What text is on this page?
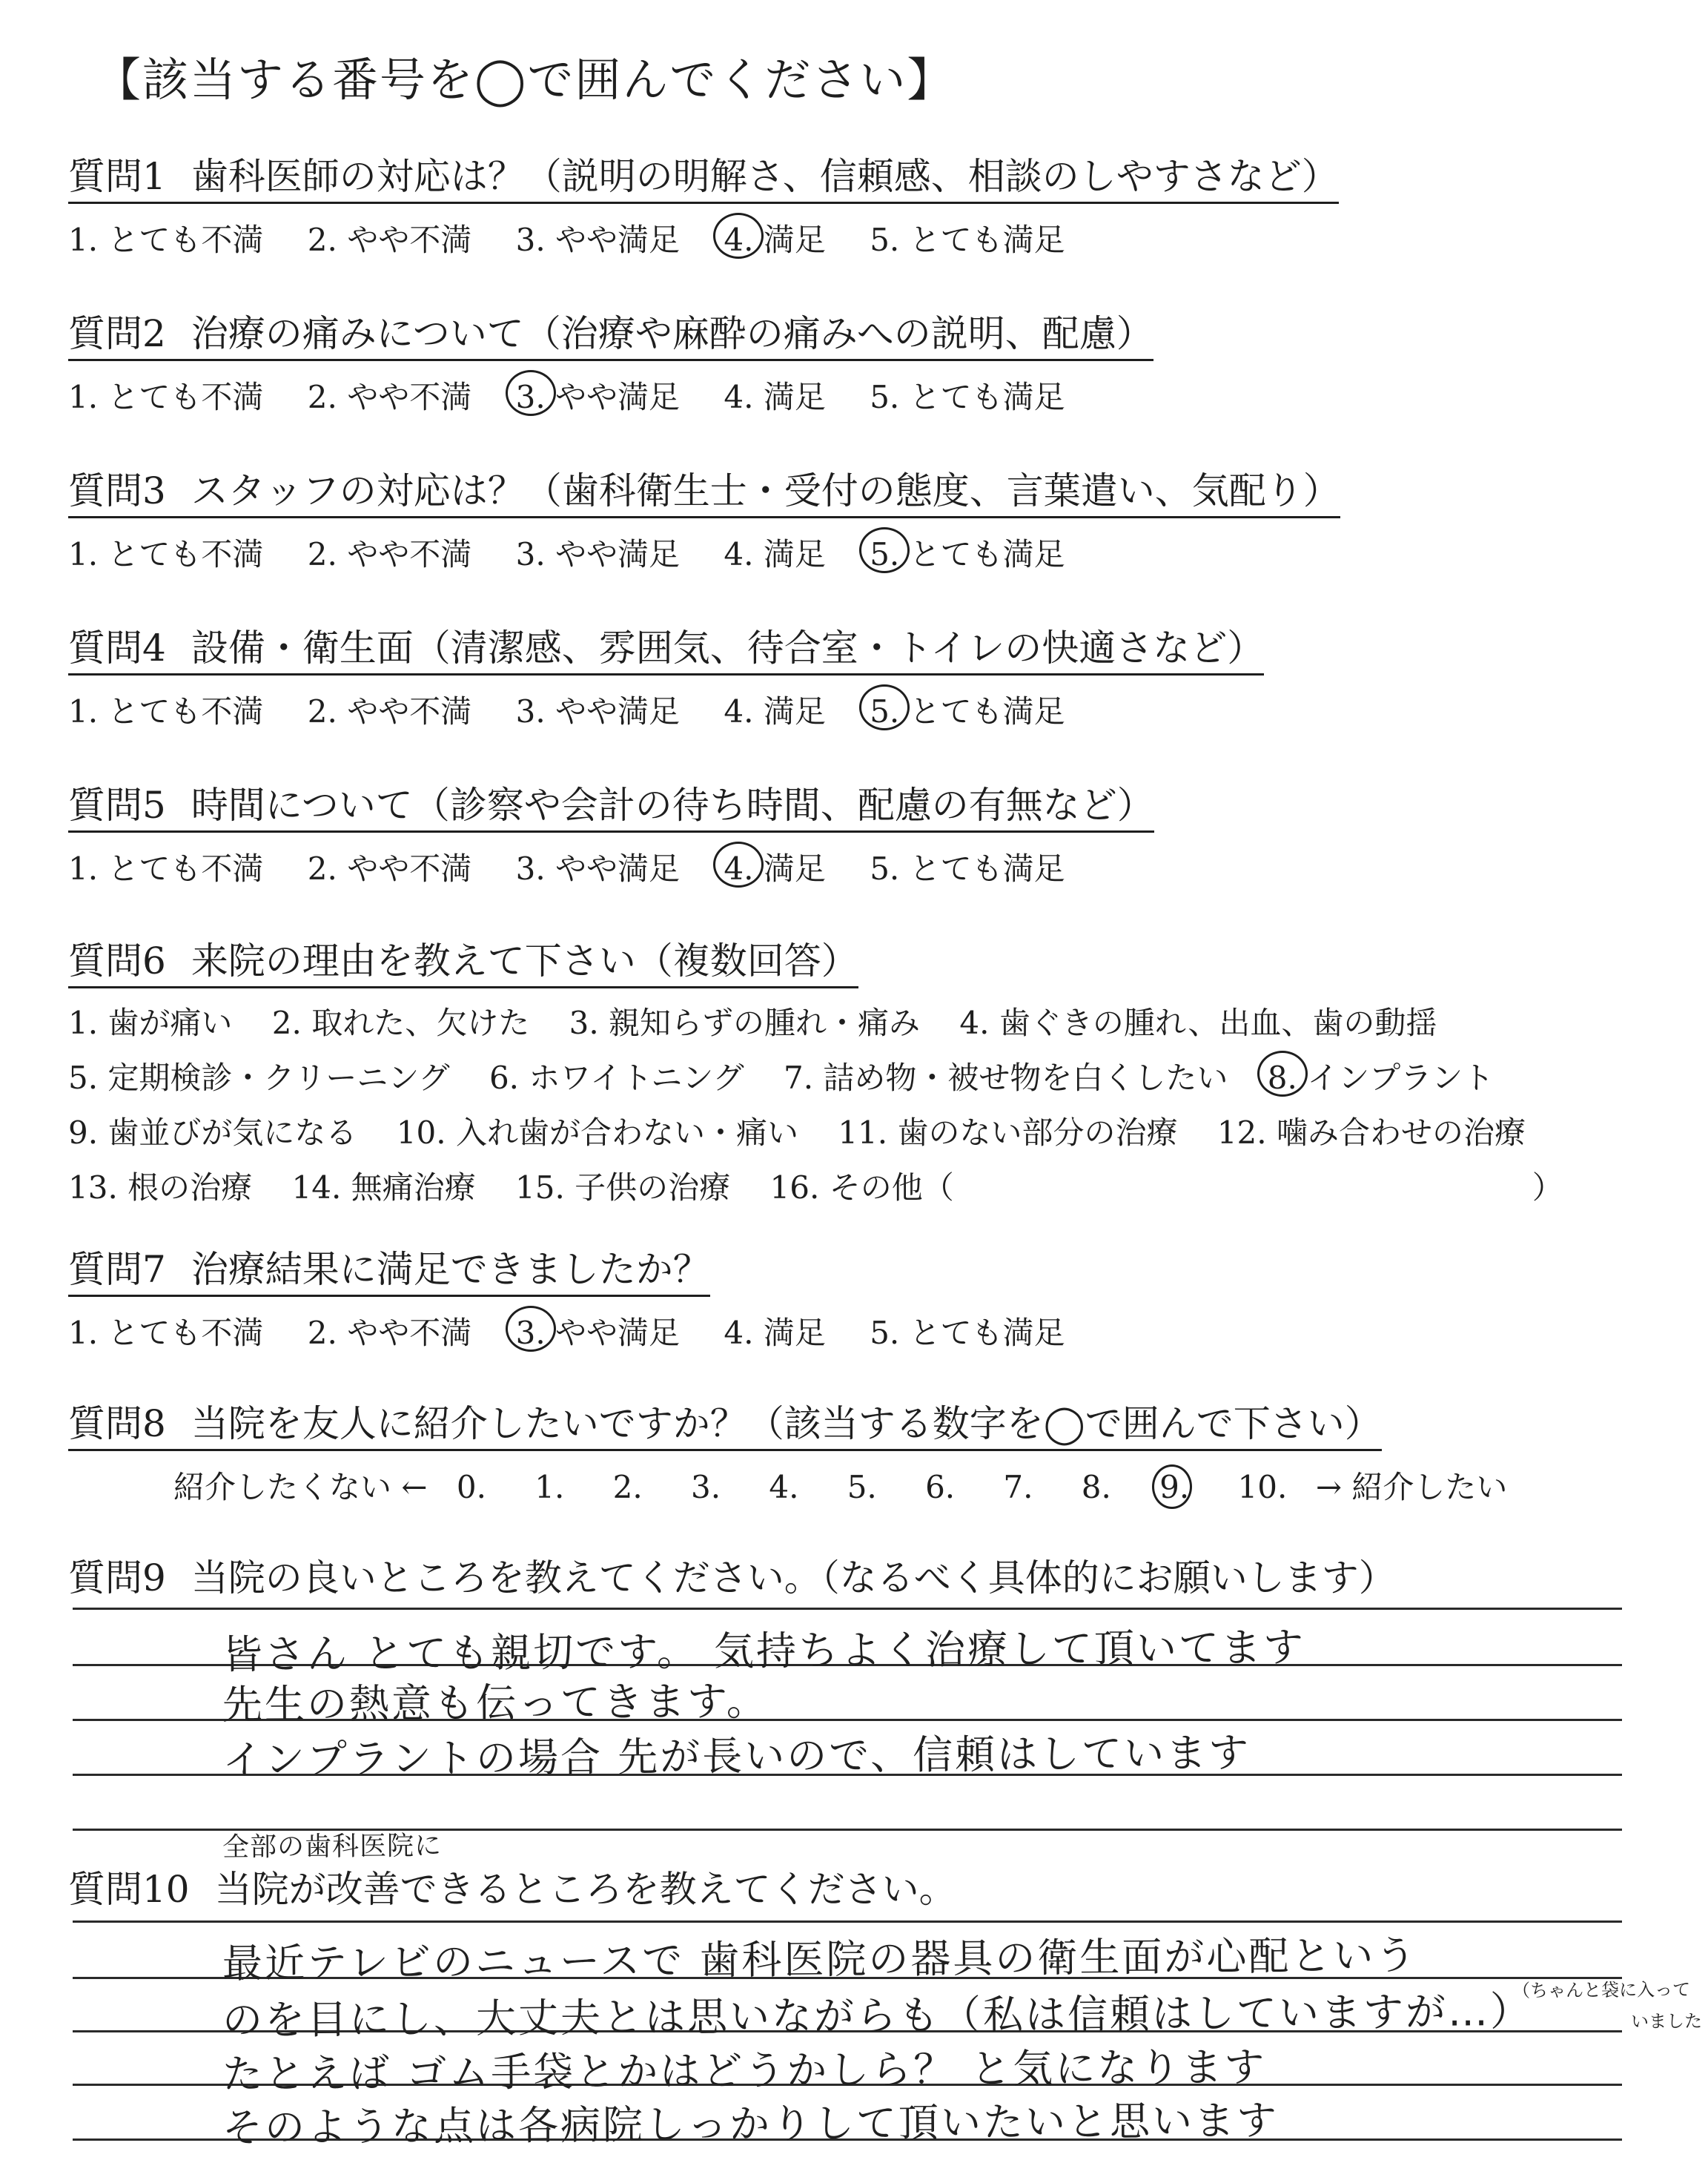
【該当する番号を◯で囲んでください】
質問1 歯科医師の対応は？（説明の明解さ、信頼感、相談のしやすさなど）
1. とても不満 2. やや不満 3. やや満足 4. 満足 5. とても満足
質問2 治療の痛みについて（治療や麻酔の痛みへの説明、配慮）
1. とても不満 2. やや不満 3. やや満足 4. 満足 5. とても満足
質問3 スタッフの対応は？（歯科衛生士・受付の態度、言葉遣い、気配り）
1. とても不満 2. やや不満 3. やや満足 4. 満足 5. とても満足
質問4 設備・衛生面（清潔感、雰囲気、待合室・トイレの快適さなど）
1. とても不満 2. やや不満 3. やや満足 4. 満足 5. とても満足
質問5 時間について（診察や会計の待ち時間、配慮の有無など）
1. とても不満 2. やや不満 3. やや満足 4. 満足 5. とても満足
質問6 来院の理由を教えて下さい（複数回答）
1. 歯が痛い 2. 取れた、欠けた 3. 親知らずの腫れ・痛み 4. 歯ぐきの腫れ、出血、歯の動揺
5. 定期検診・クリーニング 6. ホワイトニング 7. 詰め物・被せ物を白くしたい 8. インプラント
9. 歯並びが気になる 10. 入れ歯が合わない・痛い 11. 歯のない部分の治療 12. 噛み合わせの治療
13. 根の治療 14. 無痛治療 15. 子供の治療 16. その他（	）
質問7 治療結果に満足できましたか？
1. とても不満 2. やや不満 3. やや満足 4. 満足 5. とても満足
質問8 当院を友人に紹介したいですか？（該当する数字を◯で囲んで下さい）
紹介したくない ← 0. 1. 2. 3. 4. 5. 6. 7. 8. 9. 10. → 紹介したい
質問9 当院の良いところを教えてください。（なるべく具体的にお願いします）
皆さん とても親切です。 気持ちよく治療して頂いてます
先生の熱意も伝ってきます。
インプラントの場合 先が長いので、信頼はしています
全部の歯科医院に
質問10 当院が改善できるところを教えてください。
最近テレビのニュースで 歯科医院の器具の衛生面が心配という
のを目にし、大丈夫とは思いながらも（私は信頼はしていますが…）
たとえば ゴム手袋とかはどうかしら？ と気になります
そのような点は各病院しっかりして頂いたいと思います
（ちゃんと袋に入って
いました
